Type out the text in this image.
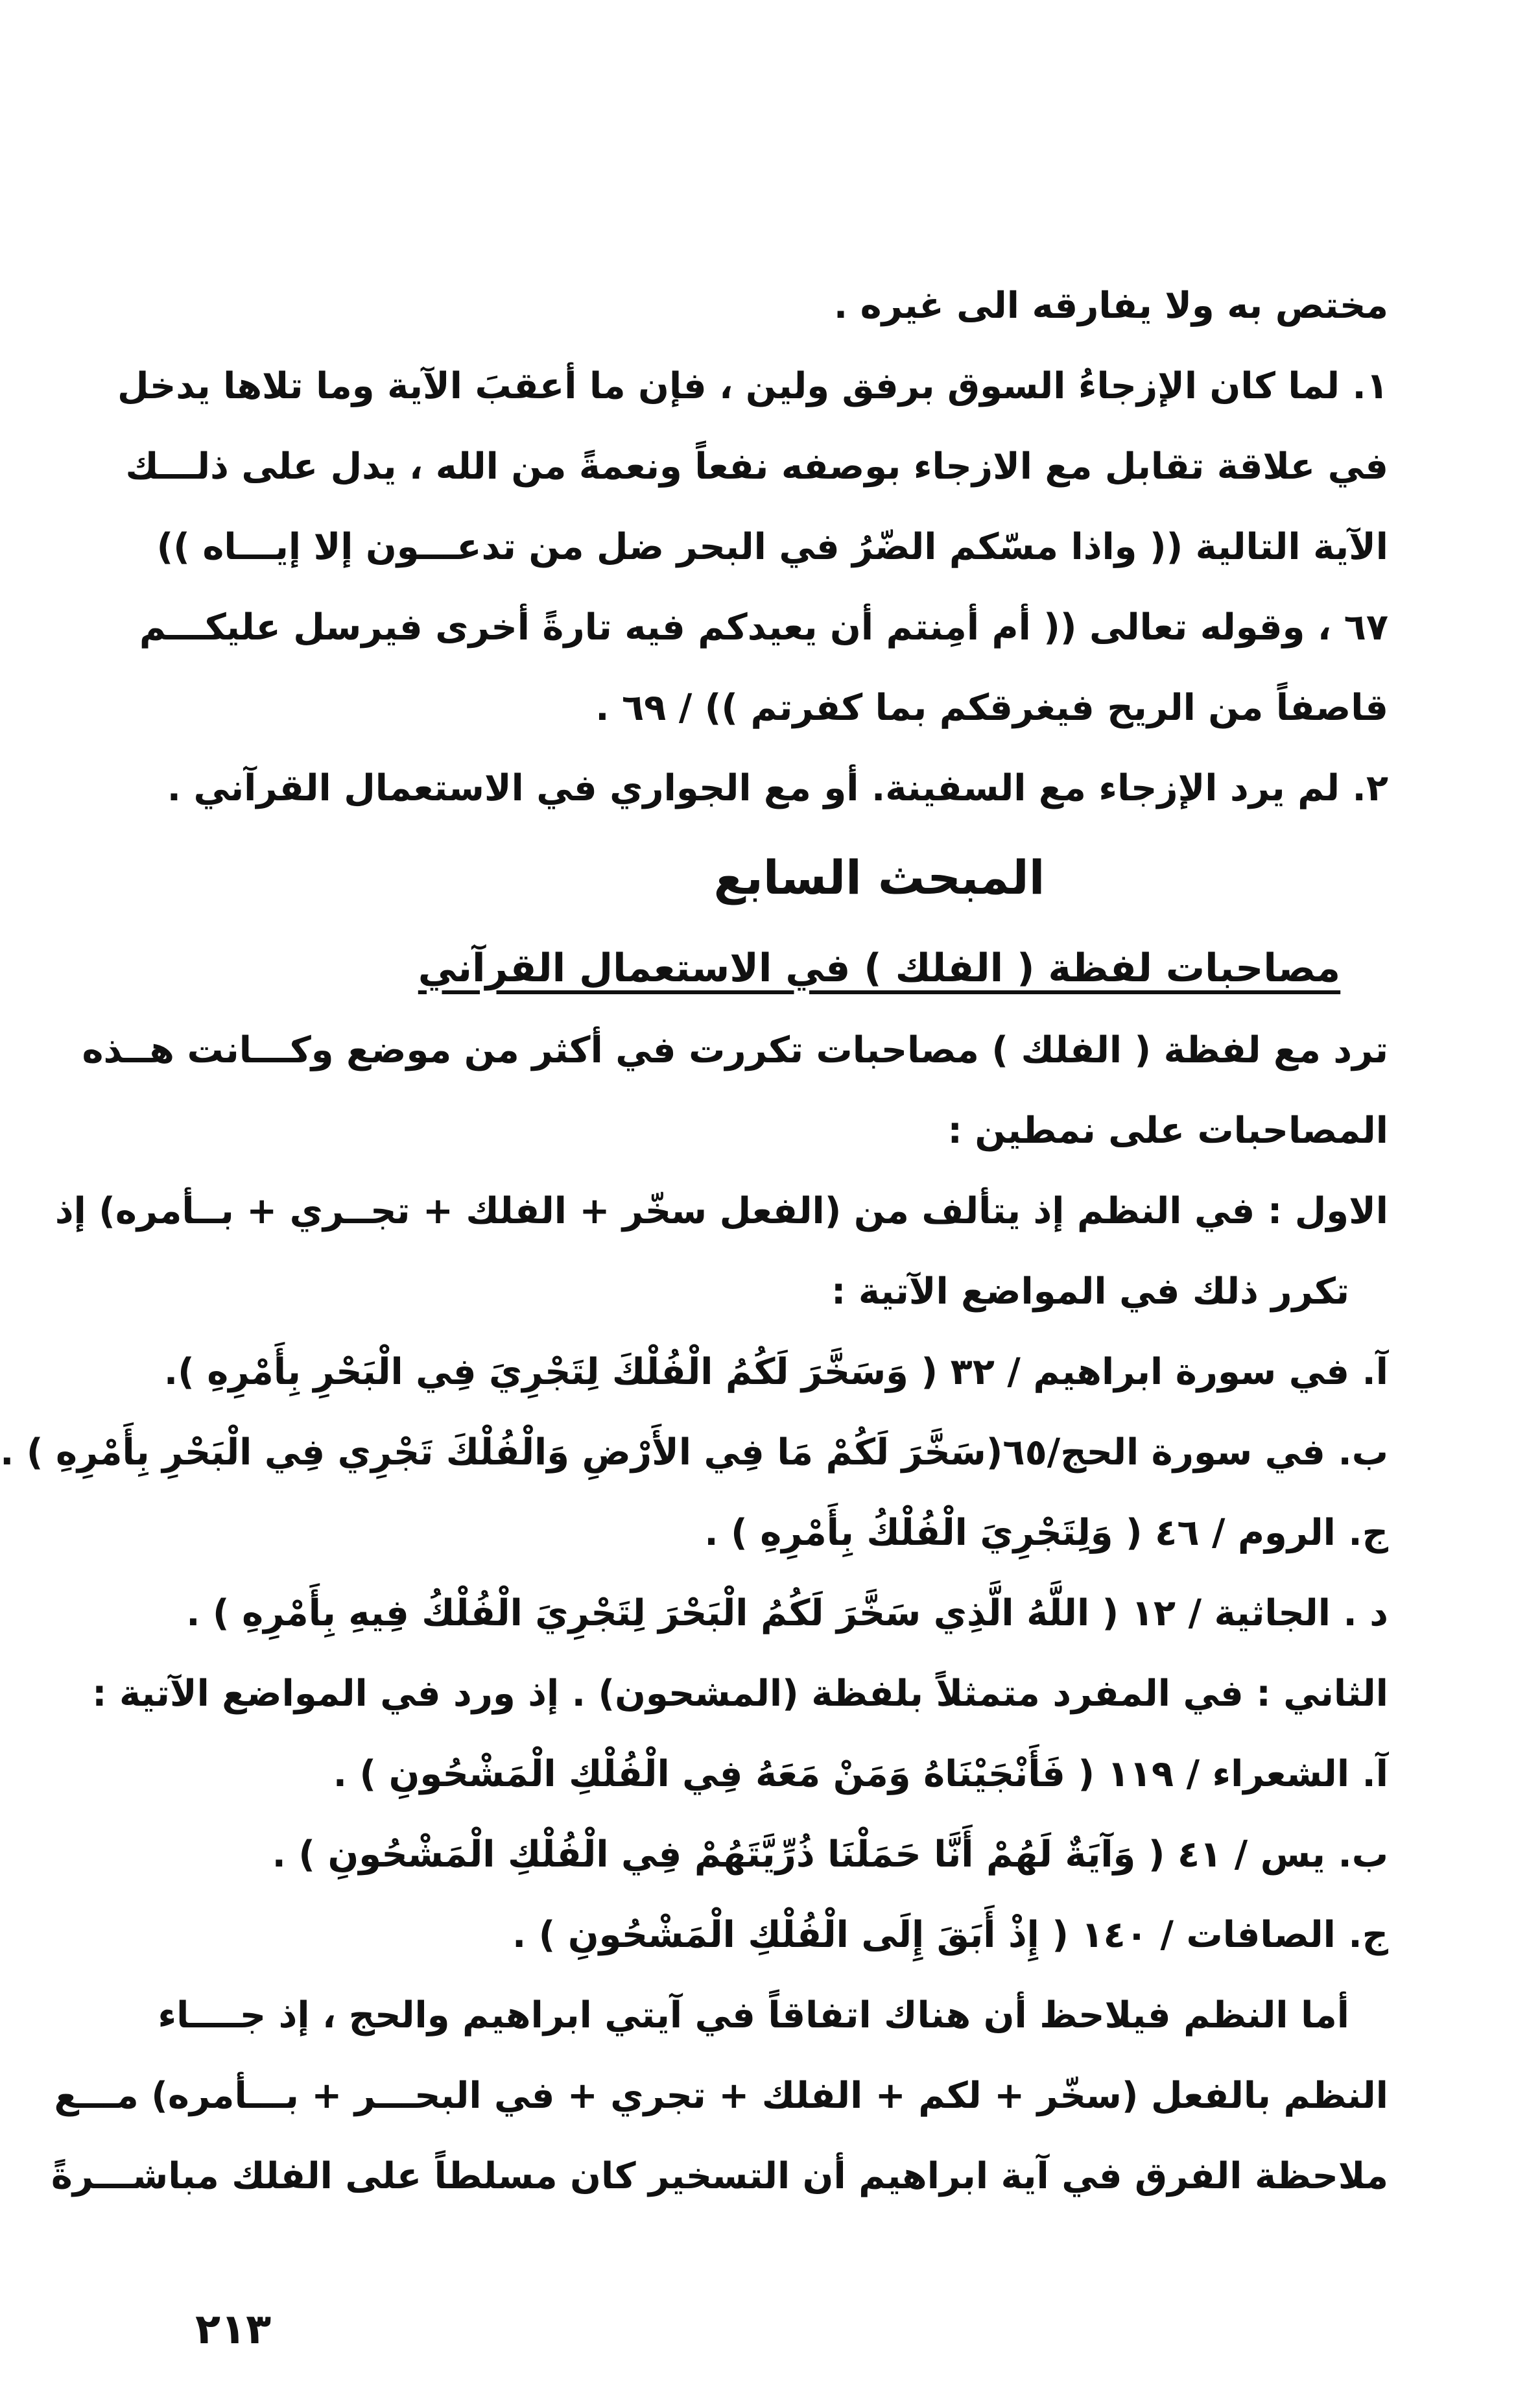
مختص به ولا يفارقه الى غيره .
١. لما كان الإزجاءُ السوق برفق ولين ، فإن ما أعقبَ الآية وما تلاها يدخل
في علاقة تقابل مع الازجاء بوصفه نفعاً ونعمةً من الله ، يدل على ذلـــك
الآية التالية (( واذا مسّكم الضّرُ في البحر ضل من تدعـــون إلا إيـــاه ))
٦٧ ، وقوله تعالى (( أم أمِنتم أن يعيدكم فيه تارةً أخرى فيرسل عليكـــم
قاصفاً من الريح فيغرقكم بما كفرتم )) / ٦٩ .
٢. لم يرد الإزجاء مع السفينة. أو مع الجواري في الاستعمال القرآني .
المبحث السابع
مصاحبات لفظة ( الفلك ) في الاستعمال القرآني
ترد مع لفظة ( الفلك ) مصاحبات تكررت في أكثر من موضع وكـــانت هــذه
المصاحبات على نمطين :
الاول : في النظم إذ يتألف من (الفعل سخّر + الفلك + تجــري + بــأمره) إذ
تكرر ذلك في المواضع الآتية :
آ. في سورة ابراهيم / ٣٢ ( وَسَخَّرَ لَكُمُ الْفُلْكَ لِتَجْرِيَ فِي الْبَحْرِ بِأَمْرِهِ ).
ب. في سورة الحج/٦٥(سَخَّرَ لَكُمْ مَا فِي الأَرْضِ وَالْفُلْكَ تَجْرِي فِي الْبَحْرِ بِأَمْرِهِ ) .
ج. الروم / ٤٦ ( وَلِتَجْرِيَ الْفُلْكُ بِأَمْرِهِ ) .
د . الجاثية / ١٢ ( اللَّهُ الَّذِي سَخَّرَ لَكُمُ الْبَحْرَ لِتَجْرِيَ الْفُلْكُ فِيهِ بِأَمْرِهِ ) .
الثاني : في المفرد متمثلاً بلفظة (المشحون) . إذ ورد في المواضع الآتية :
آ. الشعراء / ١١٩ ( فَأَنْجَيْنَاهُ وَمَنْ مَعَهُ فِي الْفُلْكِ الْمَشْحُونِ ) .
ب. يس / ٤١ ( وَآيَةٌ لَهُمْ أَنَّا حَمَلْنَا ذُرِّيَّتَهُمْ فِي الْفُلْكِ الْمَشْحُونِ ) .
ج. الصافات / ١٤٠ ( إِذْ أَبَقَ إِلَى الْفُلْكِ الْمَشْحُونِ ) .
أما النظم فيلاحظ أن هناك اتفاقاً في آيتي ابراهيم والحج ، إذ جــــاء
النظم بالفعل (سخّر + لكم + الفلك + تجري + في البحـــر + بـــأمره) مـــع
ملاحظة الفرق في آية ابراهيم أن التسخير كان مسلطاً على الفلك مباشـــرةً
٢١٣
